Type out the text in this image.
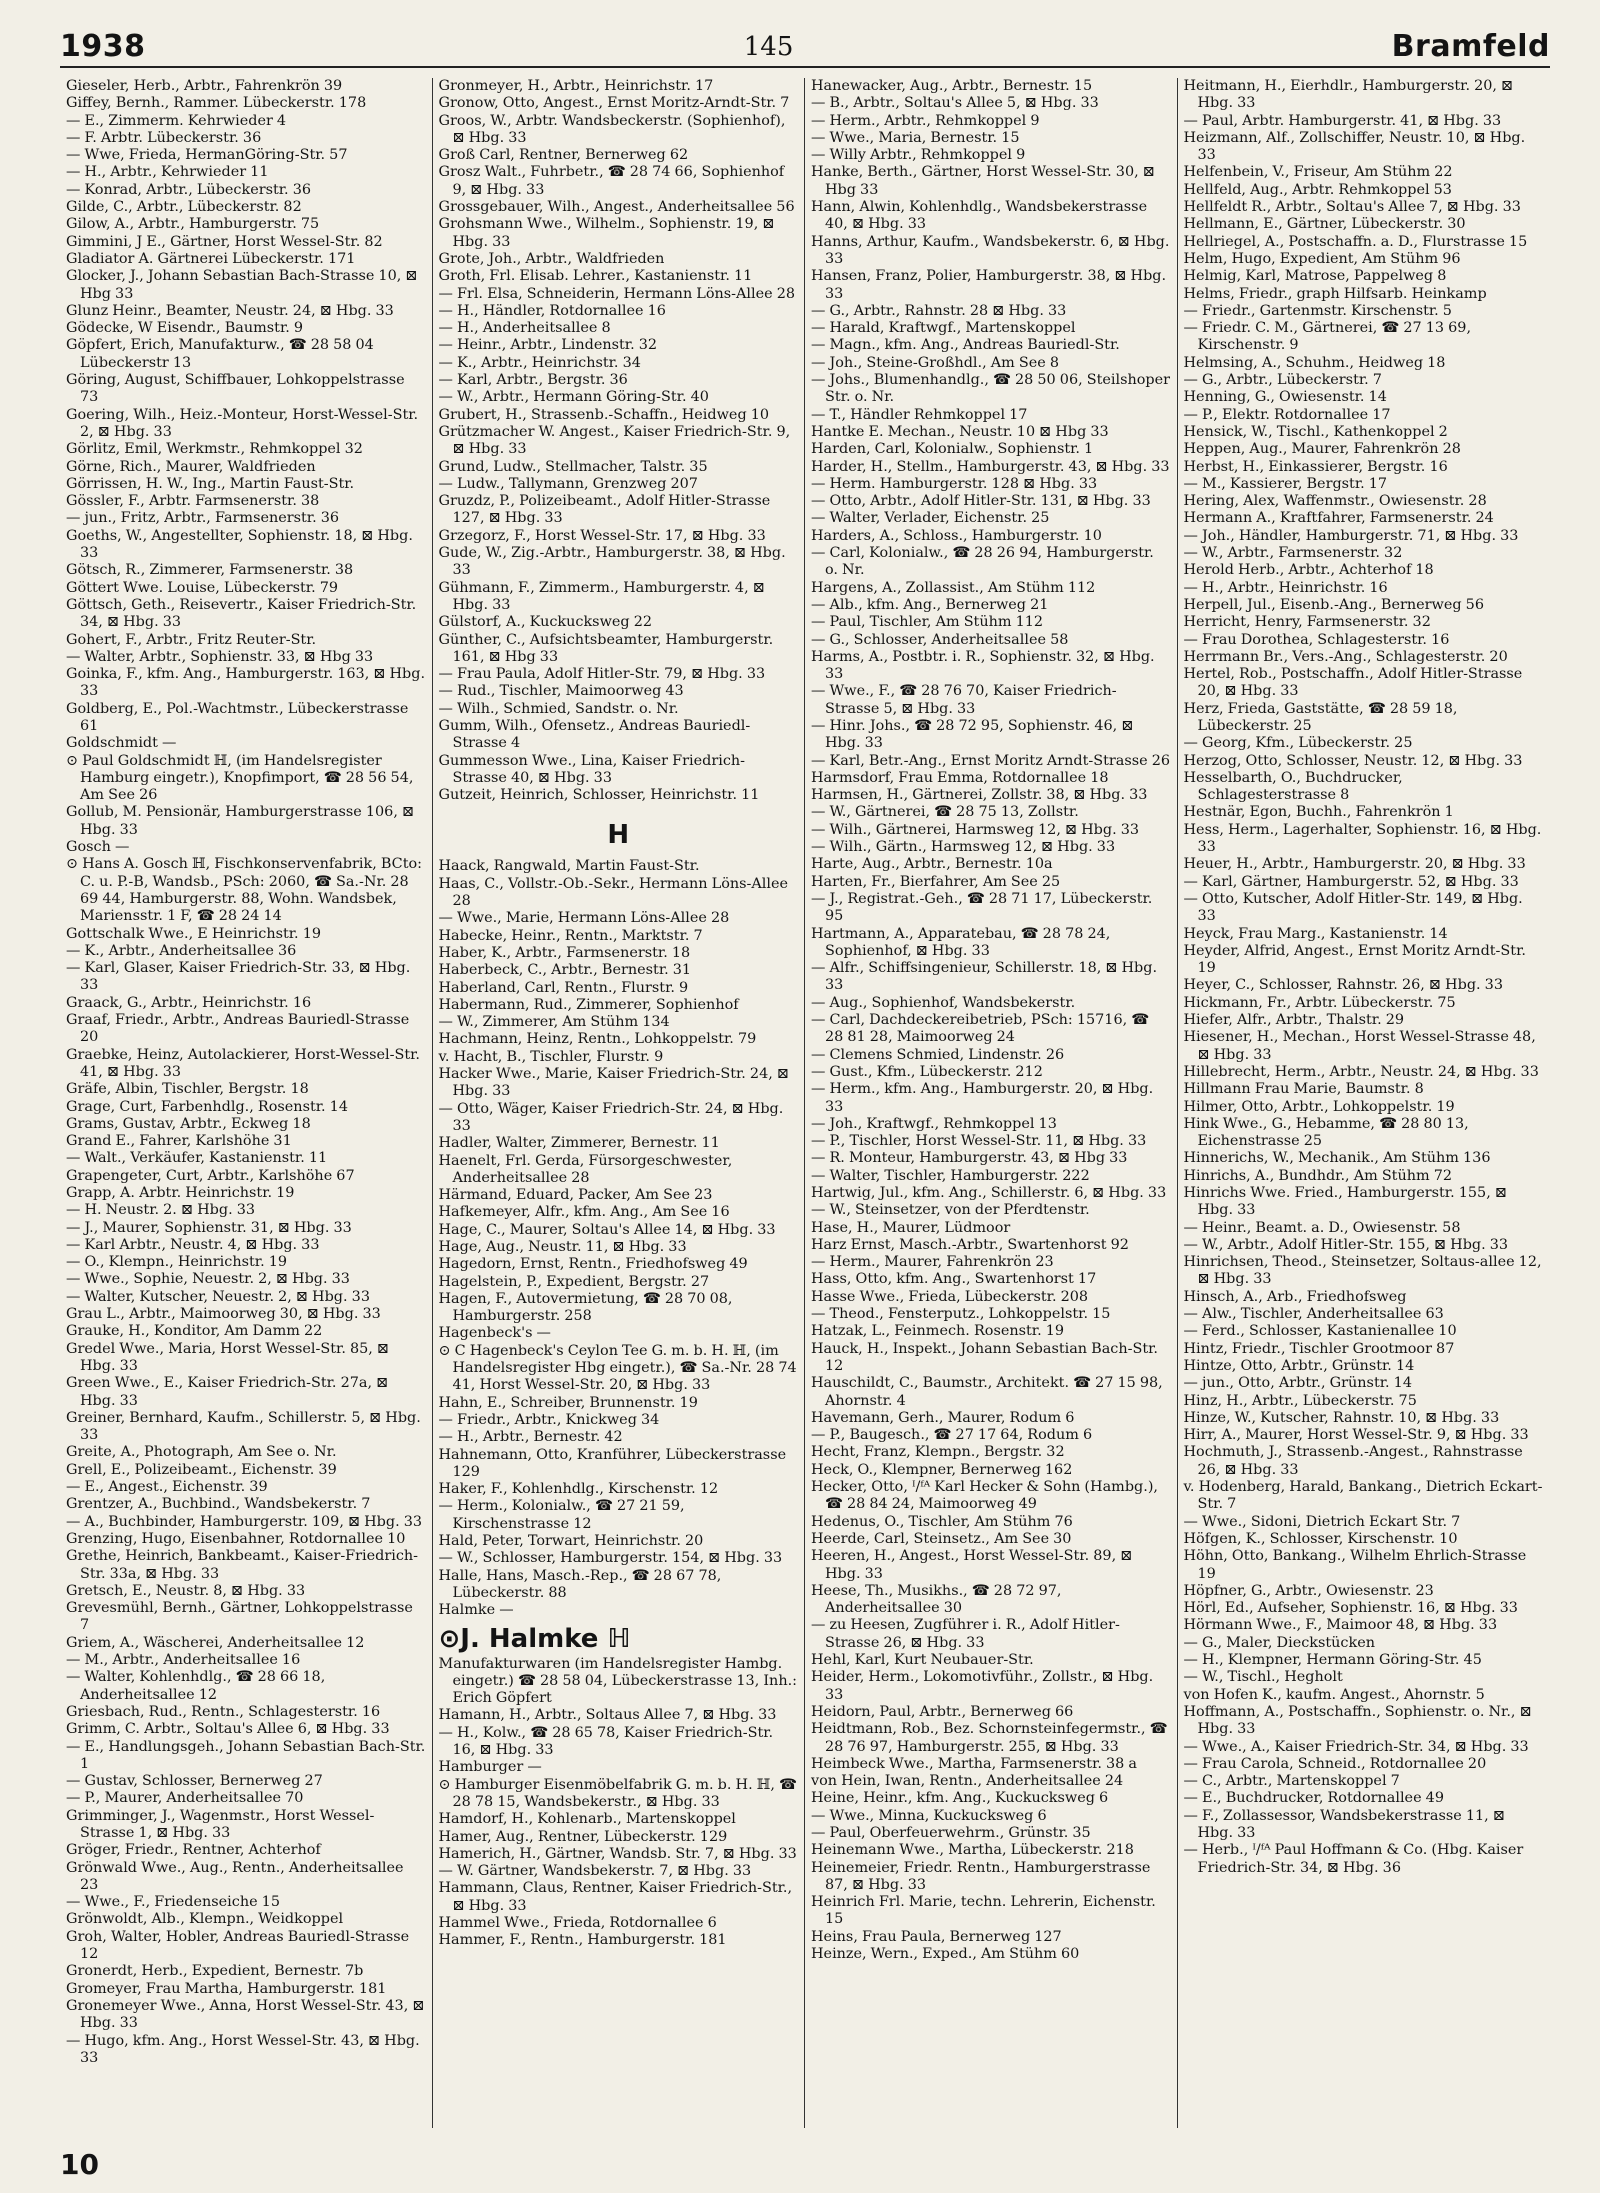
1938	145	Bramfeld

Gieseler, Herb., Arbtr., Fahrenkrön 39

Giffey, Bernh., Rammer. Lübeckerstr. 178

— E., Zimmerm. Kehrwieder 4

— F. Arbtr. Lübeckerstr. 36

— Wwe, Frieda, HermanGöring-Str. 57

— H., Arbtr., Kehrwieder 11

— Konrad, Arbtr., Lübeckerstr. 36

Gilde, C., Arbtr., Lübeckerstr. 82

Gilow, A., Arbtr., Hamburgerstr. 75

Gimmini, J E., Gärtner, Horst Wessel-Str. 82

Gladiator A. Gärtnerei Lübeckerstr. 171

Glocker, J., Johann Sebastian Bach-Strasse 10, ⊠ Hbg 33

Glunz Heinr., Beamter, Neustr. 24, ⊠ Hbg. 33

Gödecke, W Eisendr., Baumstr. 9

Göpfert, Erich, Manufakturw., ☎ 28 58 04 Lübeckerstr 13

Göring, August, Schiffbauer, Lohkoppelstrasse 73

Goering, Wilh., Heiz.-Monteur, Horst-Wessel-Str. 2, ⊠ Hbg. 33

Görlitz, Emil, Werkmstr., Rehmkoppel 32

Görne, Rich., Maurer, Waldfrieden

Görrissen, H. W., Ing., Martin Faust-Str.

Gössler, F., Arbtr. Farmsenerstr. 38

— jun., Fritz, Arbtr., Farmsenerstr. 36

Goeths, W., Angestellter, Sophienstr. 18, ⊠ Hbg. 33

Götsch, R., Zimmerer, Farmsenerstr. 38

Göttert Wwe. Louise, Lübeckerstr. 79

Göttsch, Geth., Reisevertr., Kaiser Friedrich-Str. 34, ⊠ Hbg. 33

Gohert, F., Arbtr., Fritz Reuter-Str.

— Walter, Arbtr., Sophienstr. 33, ⊠ Hbg 33

Goinka, F., kfm. Ang., Hamburgerstr. 163, ⊠ Hbg. 33

Goldberg, E., Pol.-Wachtmstr., Lübeckerstrasse 61

Goldschmidt —

⊙ Paul Goldschmidt ℍ, (im Handelsregister Hamburg eingetr.), Knopfimport, ☎ 28 56 54, Am See 26

Gollub, M. Pensionär, Hamburgerstrasse 106, ⊠ Hbg. 33

Gosch —

⊙ Hans A. Gosch ℍ, Fischkonservenfabrik, BCto: C. u. P.-B, Wandsb., PSch: 2060, ☎ Sa.-Nr. 28 69 44, Hamburgerstr. 88, Wohn. Wandsbek, Mariensstr. 1 F, ☎ 28 24 14

Gottschalk Wwe., E Heinrichstr. 19

— K., Arbtr., Anderheitsallee 36

— Karl, Glaser, Kaiser Friedrich-Str. 33, ⊠ Hbg. 33

Graack, G., Arbtr., Heinrichstr. 16

Graaf, Friedr., Arbtr., Andreas Bauriedl-Strasse 20

Graebke, Heinz, Autolackierer, Horst-Wessel-Str. 41, ⊠ Hbg. 33

Gräfe, Albin, Tischler, Bergstr. 18

Grage, Curt, Farbenhdlg., Rosenstr. 14

Grams, Gustav, Arbtr., Eckweg 18

Grand E., Fahrer, Karlshöhe 31

— Walt., Verkäufer, Kastanienstr. 11

Grapengeter, Curt, Arbtr., Karlshöhe 67

Grapp, A. Arbtr. Heinrichstr. 19

— H. Neustr. 2. ⊠ Hbg. 33

— J., Maurer, Sophienstr. 31, ⊠ Hbg. 33

— Karl Arbtr., Neustr. 4, ⊠ Hbg. 33

— O., Klempn., Heinrichstr. 19

— Wwe., Sophie, Neuestr. 2, ⊠ Hbg. 33

— Walter, Kutscher, Neuestr. 2, ⊠ Hbg. 33

Grau L., Arbtr., Maimoorweg 30, ⊠ Hbg. 33

Grauke, H., Konditor, Am Damm 22

Gredel Wwe., Maria, Horst Wessel-Str. 85, ⊠ Hbg. 33

Green Wwe., E., Kaiser Friedrich-Str. 27a, ⊠ Hbg. 33

Greiner, Bernhard, Kaufm., Schillerstr. 5, ⊠ Hbg. 33

Greite, A., Photograph, Am See o. Nr.

Grell, E., Polizeibeamt., Eichenstr. 39

— E., Angest., Eichenstr. 39

Grentzer, A., Buchbind., Wandsbekerstr. 7

— A., Buchbinder, Hamburgerstr. 109, ⊠ Hbg. 33

Grenzing, Hugo, Eisenbahner, Rotdornallee 10

Grethe, Heinrich, Bankbeamt., Kaiser-Friedrich-Str. 33a, ⊠ Hbg. 33

Gretsch, E., Neustr. 8, ⊠ Hbg. 33

Grevesmühl, Bernh., Gärtner, Lohkoppelstrasse 7

Griem, A., Wäscherei, Anderheitsallee 12

— M., Arbtr., Anderheitsallee 16

— Walter, Kohlenhdlg., ☎ 28 66 18, Anderheitsallee 12

Griesbach, Rud., Rentn., Schlagesterstr. 16

Grimm, C. Arbtr., Soltau's Allee 6, ⊠ Hbg. 33

— E., Handlungsgeh., Johann Sebastian Bach-Str. 1

— Gustav, Schlosser, Bernerweg 27

— P., Maurer, Anderheitsallee 70

Grimminger, J., Wagenmstr., Horst Wessel-Strasse 1, ⊠ Hbg. 33

Gröger, Friedr., Rentner, Achterhof

Grönwald Wwe., Aug., Rentn., Anderheitsallee 23

— Wwe., F., Friedenseiche 15

Grönwoldt, Alb., Klempn., Weidkoppel

Groh, Walter, Hobler, Andreas Bauriedl-Strasse 12

Gronerdt, Herb., Expedient, Bernestr. 7b

Gromeyer, Frau Martha, Hamburgerstr. 181

Gronemeyer Wwe., Anna, Horst Wessel-Str. 43, ⊠ Hbg. 33

— Hugo, kfm. Ang., Horst Wessel-Str. 43, ⊠ Hbg. 33

Gronmeyer, H., Arbtr., Heinrichstr. 17

Gronow, Otto, Angest., Ernst Moritz-Arndt-Str. 7

Groos, W., Arbtr. Wandsbeckerstr. (Sophienhof), ⊠ Hbg. 33

Groß Carl, Rentner, Bernerweg 62

Grosz Walt., Fuhrbetr., ☎ 28 74 66, Sophienhof 9, ⊠ Hbg. 33

Grossgebauer, Wilh., Angest., Anderheitsallee 56

Grohsmann Wwe., Wilhelm., Sophienstr. 19, ⊠ Hbg. 33

Grote, Joh., Arbtr., Waldfrieden

Groth, Frl. Elisab. Lehrer., Kastanienstr. 11

— Frl. Elsa, Schneiderin, Hermann Löns-Allee 28

— H., Händler, Rotdornallee 16

— H., Anderheitsallee 8

— Heinr., Arbtr., Lindenstr. 32

— K., Arbtr., Heinrichstr. 34

— Karl, Arbtr., Bergstr. 36

— W., Arbtr., Hermann Göring-Str. 40

Grubert, H., Strassenb.-Schaffn., Heidweg 10

Grützmacher W. Angest., Kaiser Friedrich-Str. 9, ⊠ Hbg. 33

Grund, Ludw., Stellmacher, Talstr. 35

— Ludw., Tallymann, Grenzweg 207

Gruzdz, P., Polizeibeamt., Adolf Hitler-Strasse 127, ⊠ Hbg. 33

Grzegorz, F., Horst Wessel-Str. 17, ⊠ Hbg. 33

Gude, W., Zig.-Arbtr., Hamburgerstr. 38, ⊠ Hbg. 33

Gühmann, F., Zimmerm., Hamburgerstr. 4, ⊠ Hbg. 33

Gülstorf, A., Kuckucksweg 22

Günther, C., Aufsichtsbeamter, Hamburgerstr. 161, ⊠ Hbg 33

— Frau Paula, Adolf Hitler-Str. 79, ⊠ Hbg. 33

— Rud., Tischler, Maimoorweg 43

— Wilh., Schmied, Sandstr. o. Nr.

Gumm, Wilh., Ofensetz., Andreas Bauriedl-Strasse 4

Gummesson Wwe., Lina, Kaiser Friedrich-Strasse 40, ⊠ Hbg. 33

Gutzeit, Heinrich, Schlosser, Heinrichstr. 11

H

Haack, Rangwald, Martin Faust-Str.

Haas, C., Vollstr.-Ob.-Sekr., Hermann Löns-Allee 28

— Wwe., Marie, Hermann Löns-Allee 28

Habecke, Heinr., Rentn., Marktstr. 7

Haber, K., Arbtr., Farmsenerstr. 18

Haberbeck, C., Arbtr., Bernestr. 31

Haberland, Carl, Rentn., Flurstr. 9

Habermann, Rud., Zimmerer, Sophienhof

— W., Zimmerer, Am Stühm 134

Hachmann, Heinz, Rentn., Lohkoppelstr. 79

v. Hacht, B., Tischler, Flurstr. 9

Hacker Wwe., Marie, Kaiser Friedrich-Str. 24, ⊠ Hbg. 33

— Otto, Wäger, Kaiser Friedrich-Str. 24, ⊠ Hbg. 33

Hadler, Walter, Zimmerer, Bernestr. 11

Haenelt, Frl. Gerda, Fürsorgeschwester, Anderheitsallee 28

Härmand, Eduard, Packer, Am See 23

Hafkemeyer, Alfr., kfm. Ang., Am See 16

Hage, C., Maurer, Soltau's Allee 14, ⊠ Hbg. 33

Hage, Aug., Neustr. 11, ⊠ Hbg. 33

Hagedorn, Ernst, Rentn., Friedhofsweg 49

Hagelstein, P., Expedient, Bergstr. 27

Hagen, F., Autovermietung, ☎ 28 70 08, Hamburgerstr. 258

Hagenbeck's —

⊙ C Hagenbeck's Ceylon Tee G. m. b. H. ℍ, (im Handelsregister Hbg eingetr.), ☎ Sa.-Nr. 28 74 41, Horst Wessel-Str. 20, ⊠ Hbg. 33

Hahn, E., Schreiber, Brunnenstr. 19

— Friedr., Arbtr., Knickweg 34

— H., Arbtr., Bernestr. 42

Hahnemann, Otto, Kranführer, Lübeckerstrasse 129

Haker, F., Kohlenhdlg., Kirschenstr. 12

— Herm., Kolonialw., ☎ 27 21 59, Kirschenstrasse 12

Hald, Peter, Torwart, Heinrichstr. 20

— W., Schlosser, Hamburgerstr. 154, ⊠ Hbg. 33

Halle, Hans, Masch.-Rep., ☎ 28 67 78, Lübeckerstr. 88

Halmke —

⊙J. Halmke ℍ

Manufakturwaren (im Handelsregister Hambg. eingetr.) ☎ 28 58 04, Lübeckerstrasse 13, Inh.: Erich Göpfert

Hamann, H., Arbtr., Soltaus Allee 7, ⊠ Hbg. 33

— H., Kolw., ☎ 28 65 78, Kaiser Friedrich-Str. 16, ⊠ Hbg. 33

Hamburger —

⊙ Hamburger Eisenmöbelfabrik G. m. b. H. ℍ, ☎ 28 78 15, Wandsbekerstr., ⊠ Hbg. 33

Hamdorf, H., Kohlenarb., Martenskoppel

Hamer, Aug., Rentner, Lübeckerstr. 129

Hamerich, H., Gärtner, Wandsb. Str. 7, ⊠ Hbg. 33

— W. Gärtner, Wandsbekerstr. 7, ⊠ Hbg. 33

Hammann, Claus, Rentner, Kaiser Friedrich-Str., ⊠ Hbg. 33

Hammel Wwe., Frieda, Rotdornallee 6

Hammer, F., Rentn., Hamburgerstr. 181

Hanewacker, Aug., Arbtr., Bernestr. 15

— B., Arbtr., Soltau's Allee 5, ⊠ Hbg. 33

— Herm., Arbtr., Rehmkoppel 9

— Wwe., Maria, Bernestr. 15

— Willy Arbtr., Rehmkoppel 9

Hanke, Berth., Gärtner, Horst Wessel-Str. 30, ⊠ Hbg 33

Hann, Alwin, Kohlenhdlg., Wandsbekerstrasse 40, ⊠ Hbg. 33

Hanns, Arthur, Kaufm., Wandsbekerstr. 6, ⊠ Hbg. 33

Hansen, Franz, Polier, Hamburgerstr. 38, ⊠ Hbg. 33

— G., Arbtr., Rahnstr. 28 ⊠ Hbg. 33

— Harald, Kraftwgf., Martenskoppel

— Magn., kfm. Ang., Andreas Bauriedl-Str.

— Joh., Steine-Großhdl., Am See 8

— Johs., Blumenhandlg., ☎ 28 50 06, Steilshoper Str. o. Nr.

— T., Händler Rehmkoppel 17

Hantke E. Mechan., Neustr. 10 ⊠ Hbg 33

Harden, Carl, Kolonialw., Sophienstr. 1

Harder, H., Stellm., Hamburgerstr. 43, ⊠ Hbg. 33

— Herm. Hamburgerstr. 128 ⊠ Hbg. 33

— Otto, Arbtr., Adolf Hitler-Str. 131, ⊠ Hbg. 33

— Walter, Verlader, Eichenstr. 25

Harders, A., Schloss., Hamburgerstr. 10

— Carl, Kolonialw., ☎ 28 26 94, Hamburgerstr. o. Nr.

Hargens, A., Zollassist., Am Stühm 112

— Alb., kfm. Ang., Bernerweg 21

— Paul, Tischler, Am Stühm 112

— G., Schlosser, Anderheitsallee 58

Harms, A., Postbtr. i. R., Sophienstr. 32, ⊠ Hbg. 33

— Wwe., F., ☎ 28 76 70, Kaiser Friedrich-Strasse 5, ⊠ Hbg. 33

— Hinr. Johs., ☎ 28 72 95, Sophienstr. 46, ⊠ Hbg. 33

— Karl, Betr.-Ang., Ernst Moritz Arndt-Strasse 26

Harmsdorf, Frau Emma, Rotdornallee 18

Harmsen, H., Gärtnerei, Zollstr. 38, ⊠ Hbg. 33

— W., Gärtnerei, ☎ 28 75 13, Zollstr.

— Wilh., Gärtnerei, Harmsweg 12, ⊠ Hbg. 33

— Wilh., Gärtn., Harmsweg 12, ⊠ Hbg. 33

Harte, Aug., Arbtr., Bernestr. 10a

Harten, Fr., Bierfahrer, Am See 25

— J., Registrat.-Geh., ☎ 28 71 17, Lübeckerstr. 95

Hartmann, A., Apparatebau, ☎ 28 78 24, Sophienhof, ⊠ Hbg. 33

— Alfr., Schiffsingenieur, Schillerstr. 18, ⊠ Hbg. 33

— Aug., Sophienhof, Wandsbekerstr.

— Carl, Dachdeckereibetrieb, PSch: 15716, ☎ 28 81 28, Maimoorweg 24

— Clemens Schmied, Lindenstr. 26

— Gust., Kfm., Lübeckerstr. 212

— Herm., kfm. Ang., Hamburgerstr. 20, ⊠ Hbg. 33

— Joh., Kraftwgf., Rehmkoppel 13

— P., Tischler, Horst Wessel-Str. 11, ⊠ Hbg. 33

— R. Monteur, Hamburgerstr. 43, ⊠ Hbg 33

— Walter, Tischler, Hamburgerstr. 222

Hartwig, Jul., kfm. Ang., Schillerstr. 6, ⊠ Hbg. 33

— W., Steinsetzer, von der Pferdtenstr.

Hase, H., Maurer, Lüdmoor

Harz Ernst, Masch.-Arbtr., Swartenhorst 92

— Herm., Maurer, Fahrenkrön 23

Hass, Otto, kfm. Ang., Swartenhorst 17

Hasse Wwe., Frieda, Lübeckerstr. 208

— Theod., Fensterputz., Lohkoppelstr. 15

Hatzak, L., Feinmech. Rosenstr. 19

Hauck, H., Inspekt., Johann Sebastian Bach-Str. 12

Hauschildt, C., Baumstr., Architekt. ☎ 27 15 98, Ahornstr. 4

Havemann, Gerh., Maurer, Rodum 6

— P., Baugesch., ☎ 27 17 64, Rodum 6

Hecht, Franz, Klempn., Bergstr. 32

Heck, O., Klempner, Bernerweg 162

Hecker, Otto, ᴵ/ᶠᴬ Karl Hecker & Sohn (Hambg.), ☎ 28 84 24, Maimoorweg 49

Hedenus, O., Tischler, Am Stühm 76

Heerde, Carl, Steinsetz., Am See 30

Heeren, H., Angest., Horst Wessel-Str. 89, ⊠ Hbg. 33

Heese, Th., Musikhs., ☎ 28 72 97, Anderheitsallee 30

— zu Heesen, Zugführer i. R., Adolf Hitler-Strasse 26, ⊠ Hbg. 33

Hehl, Karl, Kurt Neubauer-Str.

Heider, Herm., Lokomotivführ., Zollstr., ⊠ Hbg. 33

Heidorn, Paul, Arbtr., Bernerweg 66

Heidtmann, Rob., Bez. Schornsteinfegermstr., ☎ 28 76 97, Hamburgerstr. 255, ⊠ Hbg. 33

Heimbeck Wwe., Martha, Farmsenerstr. 38 a

von Hein, Iwan, Rentn., Anderheitsallee 24

Heine, Heinr., kfm. Ang., Kuckucksweg 6

— Wwe., Minna, Kuckucksweg 6

— Paul, Oberfeuerwehrm., Grünstr. 35

Heinemann Wwe., Martha, Lübeckerstr. 218

Heinemeier, Friedr. Rentn., Hamburgerstrasse 87, ⊠ Hbg. 33

Heinrich Frl. Marie, techn. Lehrerin, Eichenstr. 15

Heins, Frau Paula, Bernerweg 127

Heinze, Wern., Exped., Am Stühm 60

Heitmann, H., Eierhdlr., Hamburgerstr. 20, ⊠ Hbg. 33

— Paul, Arbtr. Hamburgerstr. 41, ⊠ Hbg. 33

Heizmann, Alf., Zollschiffer, Neustr. 10, ⊠ Hbg. 33

Helfenbein, V., Friseur, Am Stühm 22

Hellfeld, Aug., Arbtr. Rehmkoppel 53

Hellfeldt R., Arbtr., Soltau's Allee 7, ⊠ Hbg. 33

Hellmann, E., Gärtner, Lübeckerstr. 30

Hellriegel, A., Postschaffn. a. D., Flurstrasse 15

Helm, Hugo, Expedient, Am Stühm 96

Helmig, Karl, Matrose, Pappelweg 8

Helms, Friedr., graph Hilfsarb. Heinkamp

— Friedr., Gartenmstr. Kirschenstr. 5

— Friedr. C. M., Gärtnerei, ☎ 27 13 69, Kirschenstr. 9

Helmsing, A., Schuhm., Heidweg 18

— G., Arbtr., Lübeckerstr. 7

Henning, G., Owiesenstr. 14

— P., Elektr. Rotdornallee 17

Hensick, W., Tischl., Kathenkoppel 2

Heppen, Aug., Maurer, Fahrenkrön 28

Herbst, H., Einkassierer, Bergstr. 16

— M., Kassierer, Bergstr. 17

Hering, Alex, Waffenmstr., Owiesenstr. 28

Hermann A., Kraftfahrer, Farmsenerstr. 24

— Joh., Händler, Hamburgerstr. 71, ⊠ Hbg. 33

— W., Arbtr., Farmsenerstr. 32

Herold Herb., Arbtr., Achterhof 18

— H., Arbtr., Heinrichstr. 16

Herpell, Jul., Eisenb.-Ang., Bernerweg 56

Herricht, Henry, Farmsenerstr. 32

— Frau Dorothea, Schlagesterstr. 16

Herrmann Br., Vers.-Ang., Schlagesterstr. 20

Hertel, Rob., Postschaffn., Adolf Hitler-Strasse 20, ⊠ Hbg. 33

Herz, Frieda, Gaststätte, ☎ 28 59 18, Lübeckerstr. 25

— Georg, Kfm., Lübeckerstr. 25

Herzog, Otto, Schlosser, Neustr. 12, ⊠ Hbg. 33

Hesselbarth, O., Buchdrucker, Schlagesterstrasse 8

Hestnär, Egon, Buchh., Fahrenkrön 1

Hess, Herm., Lagerhalter, Sophienstr. 16, ⊠ Hbg. 33

Heuer, H., Arbtr., Hamburgerstr. 20, ⊠ Hbg. 33

— Karl, Gärtner, Hamburgerstr. 52, ⊠ Hbg. 33

— Otto, Kutscher, Adolf Hitler-Str. 149, ⊠ Hbg. 33

Heyck, Frau Marg., Kastanienstr. 14

Heyder, Alfrid, Angest., Ernst Moritz Arndt-Str. 19

Heyer, C., Schlosser, Rahnstr. 26, ⊠ Hbg. 33

Hickmann, Fr., Arbtr. Lübeckerstr. 75

Hiefer, Alfr., Arbtr., Thalstr. 29

Hiesener, H., Mechan., Horst Wessel-Strasse 48, ⊠ Hbg. 33

Hillebrecht, Herm., Arbtr., Neustr. 24, ⊠ Hbg. 33

Hillmann Frau Marie, Baumstr. 8

Hilmer, Otto, Arbtr., Lohkoppelstr. 19

Hink Wwe., G., Hebamme, ☎ 28 80 13, Eichenstrasse 25

Hinnerichs, W., Mechanik., Am Stühm 136

Hinrichs, A., Bundhdr., Am Stühm 72

Hinrichs Wwe. Fried., Hamburgerstr. 155, ⊠ Hbg. 33

— Heinr., Beamt. a. D., Owiesenstr. 58

— W., Arbtr., Adolf Hitler-Str. 155, ⊠ Hbg. 33

Hinrichsen, Theod., Steinsetzer, Soltaus-allee 12, ⊠ Hbg. 33

Hinsch, A., Arb., Friedhofsweg

— Alw., Tischler, Anderheitsallee 63

— Ferd., Schlosser, Kastanienallee 10

Hintz, Friedr., Tischler Grootmoor 87

Hintze, Otto, Arbtr., Grünstr. 14

— jun., Otto, Arbtr., Grünstr. 14

Hinz, H., Arbtr., Lübeckerstr. 75

Hinze, W., Kutscher, Rahnstr. 10, ⊠ Hbg. 33

Hirr, A., Maurer, Horst Wessel-Str. 9, ⊠ Hbg. 33

Hochmuth, J., Strassenb.-Angest., Rahnstrasse 26, ⊠ Hbg. 33

v. Hodenberg, Harald, Bankang., Dietrich Eckart-Str. 7

— Wwe., Sidoni, Dietrich Eckart Str. 7

Höfgen, K., Schlosser, Kirschenstr. 10

Höhn, Otto, Bankang., Wilhelm Ehrlich-Strasse 19

Höpfner, G., Arbtr., Owiesenstr. 23

Hörl, Ed., Aufseher, Sophienstr. 16, ⊠ Hbg. 33

Hörmann Wwe., F., Maimoor 48, ⊠ Hbg. 33

— G., Maler, Dieckstücken

— H., Klempner, Hermann Göring-Str. 45

— W., Tischl., Hegholt

von Hofen K., kaufm. Angest., Ahornstr. 5

Hoffmann, A., Postschaffn., Sophienstr. o. Nr., ⊠ Hbg. 33

— Wwe., A., Kaiser Friedrich-Str. 34, ⊠ Hbg. 33

— Frau Carola, Schneid., Rotdornallee 20

— C., Arbtr., Martenskoppel 7

— E., Buchdrucker, Rotdornallee 49

— F., Zollassessor, Wandsbekerstrasse 11, ⊠ Hbg. 33

— Herb., ᴵ/ᶠᴬ Paul Hoffmann & Co. (Hbg. Kaiser Friedrich-Str. 34, ⊠ Hbg. 36

10
